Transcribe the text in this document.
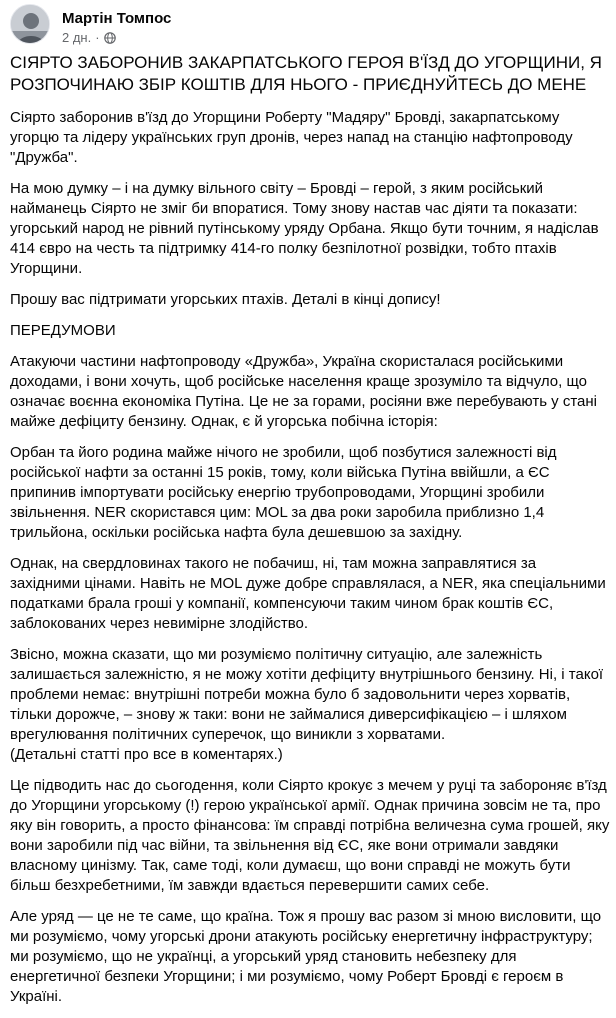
Мартін Томпос
2 дн. ·

СІЯРТО ЗАБОРОНИВ ЗАКАРПАТСЬКОГО ГЕРОЯ В'ЇЗД ДО УГОРЩИНИ, Я РОЗПОЧИНАЮ ЗБІР КОШТІВ ДЛЯ НЬОГО - ПРИЄДНУЙТЕСЬ ДО МЕНЕ

Сіярто заборонив в'їзд до Угорщини Роберту "Мадяру" Бровді, закарпатському угорцю та лідеру українських груп дронів, через напад на станцію нафтопроводу "Дружба".

На мою думку – і на думку вільного світу – Бровді – герой, з яким російський найманець Сіярто не зміг би впоратися. Тому знову настав час діяти та показати: угорський народ не рівний путінському уряду Орбана. Якщо бути точним, я надіслав 414 євро на честь та підтримку 414-го полку безпілотної розвідки, тобто птахів Угорщини.

Прошу вас підтримати угорських птахів. Деталі в кінці допису!

ПЕРЕДУМОВИ

Атакуючи частини нафтопроводу «Дружба», Україна скористалася російськими доходами, і вони хочуть, щоб російське населення краще зрозуміло та відчуло, що означає воєнна економіка Путіна. Це не за горами, росіяни вже перебувають у стані майже дефіциту бензину. Однак, є й угорська побічна історія:

Орбан та його родина майже нічого не зробили, щоб позбутися залежності від російської нафти за останні 15 років, тому, коли війська Путіна ввійшли, а ЄС припинив імпортувати російську енергію трубопроводами, Угорщині зробили звільнення. NER скористався цим: MOL за два роки заробила приблизно 1,4 трильйона, оскільки російська нафта була дешевшою за західну.

Однак, на свердловинах такого не побачиш, ні, там можна заправлятися за західними цінами. Навіть не MOL дуже добре справлялася, а NER, яка спеціальними податками брала гроші у компанії, компенсуючи таким чином брак коштів ЄС, заблокованих через невимірне злодійство.

Звісно, можна сказати, що ми розуміємо політичну ситуацію, але залежність залишається залежністю, я не можу хотіти дефіциту внутрішнього бензину. Ні, і такої проблеми немає: внутрішні потреби можна було б задовольнити через хорватів, тільки дорожче, – знову ж таки: вони не займалися диверсифікацією – і шляхом врегулювання політичних суперечок, що виникли з хорватами.
(Детальні статті про все в коментарях.)

Це підводить нас до сьогодення, коли Сіярто крокує з мечем у руці та забороняє в'їзд до Угорщини угорському (!) герою української армії. Однак причина зовсім не та, про яку він говорить, а просто фінансова: їм справді потрібна величезна сума грошей, яку вони заробили під час війни, та звільнення від ЄС, яке вони отримали завдяки власному цинізму. Так, саме тоді, коли думаєш, що вони справді не можуть бути більш безхребетними, їм завжди вдається перевершити самих себе.

Але уряд — це не те саме, що країна. Тож я прошу вас разом зі мною висловити, що ми розуміємо, чому угорські дрони атакують російську енергетичну інфраструктуру; ми розуміємо, що не українці, а угорський уряд становить небезпеку для енергетичної безпеки Угорщини; і ми розуміємо, чому Роберт Бровді є героєм в Україні.
